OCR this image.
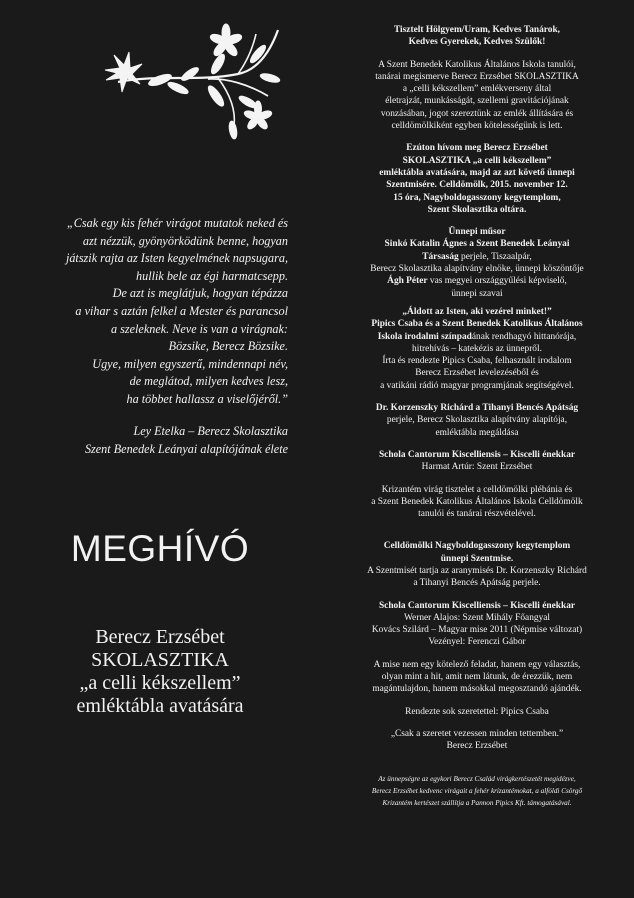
„Csak egy kis fehér virágot mutatok neked és

azt nézzük, gyönyörködünk benne, hogyan

játszik rajta az Isten kegyelmének napsugara,

hullik bele az égi harmatcsepp.

De azt is meglátjuk, hogyan tépázza

a vihar s aztán felkel a Mester és parancsol

a szeleknek. Neve is van a virágnak:

Bözsike, Berecz Bözsike.

Ugye, milyen egyszerű, mindennapi név,

de meglátod, milyen kedves lesz,

ha többet hallassz a viselőjéről.”

Ley Etelka – Berecz Skolasztika
Szent Benedek Leányai alapítójának élete
MEGHÍVÓ
Berecz Erzsébet
SKOLASZTIKA
„a celli kékszellem”
emléktábla avatására
Tisztelt Hölgyem/Uram, Kedves Tanárok,
Kedves Gyerekek, Kedves Szülők!
A Szent Benedek Katolikus Általános Iskola tanulói,
tanárai megismerve Berecz Erzsébet SKOLASZTIKA
a „celli kékszellem” emlékverseny által
életrajzát, munkásságát, szellemi gravitációjának
vonzásában, jogot szereztünk az emlék állítására és
celldömölkiként egyben kötelességünk is lett.
Ezúton hívom meg Berecz Erzsébet
SKOLASZTIKA „a celli kékszellem”
emléktábla avatására, majd az azt követő ünnepi
Szentmisére. Celldömölk, 2015. november 12.
15 óra, Nagyboldogasszony kegytemplom,
Szent Skolasztika oltára.
Ünnepi műsor
Sinkó Katalin Ágnes a Szent Benedek Leányai
Társaság perjele, Tiszaalpár,
Berecz Skolasztika alapítvány elnöke, ünnepi köszöntője
Ágh Péter vas megyei országgyűlési képviselő,
ünnepi szavai
„Áldott az Isten, aki vezérel minket!”
Pipics Csaba és a Szent Benedek Katolikus Általános
Iskola irodalmi színpadának rendhagyó hittanórája,
hitrehívás – katekézis az ünnepről.
Írta és rendezte Pipics Csaba, felhasznált irodalom
Berecz Erzsébet levelezéséből és
a vatikáni rádió magyar programjának segítségével.
Dr. Korzenszky Richárd a Tihanyi Bencés Apátság
perjele, Berecz Skolasztika alapítvány alapítója,
emléktábla megáldása
Schola Cantorum Kiscelliensis – Kiscelli énekkar
Harmat Artúr: Szent Erzsébet
Krizantém virág tisztelet a celldömölki plébánia és
a Szent Benedek Katolikus Általános Iskola Celldömölk
tanulói és tanárai részvételével.
Celldömölki Nagyboldogasszony kegytemplom
ünnepi Szentmise.
A Szentmisét tartja az aranymisés Dr. Korzenszky Richárd
a Tihanyi Bencés Apátság perjele.
Schola Cantorum Kiscelliensis – Kiscelli énekkar
Werner Alajos: Szent Mihály Főangyal
Kovács Szilárd – Magyar mise 2011 (Népmise változat)
Vezényel: Ferenczi Gábor
A mise nem egy kötelező feladat, hanem egy választás,
olyan mint a hit, amit nem látunk, de érezzük, nem
magántulajdon, hanem másokkal megosztandó ajándék.
Rendezte sok szeretettel: Pipics Csaba
„Csak a szeretet vezessen minden tettemben.”
Berecz Erzsébet
Az ünnepségre az egykori Berecz Család virágkertészetét megidézve,
Berecz Erzsébet kedvenc virágait a fehér krizantémokat, a alföldi Csörgő
Krizantém kertészet szállítja a Pannon Pipics Kft. támogatásával.
